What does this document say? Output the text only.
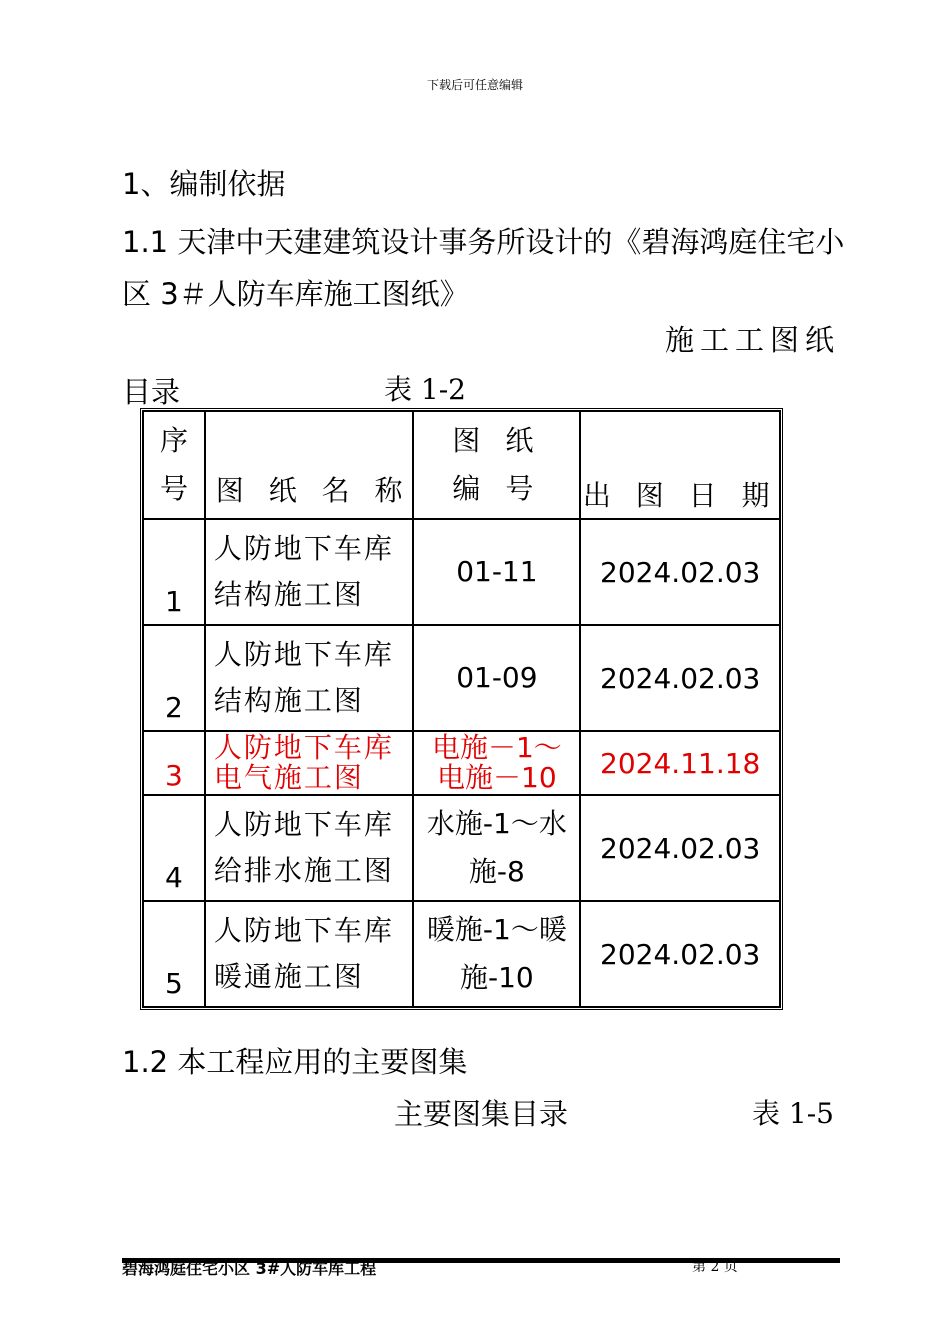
下载后可任意编辑
1、编制依据
1.1 天津中天建建筑设计事务所设计的《碧海鸿庭住宅小区 3＃人防车库施工图纸》
施工工图纸
目录	表 1-2
序号	图 纸 名 称	图 纸 编 号	出 图 日 期
1	人防地下车库结构施工图	01-11	2024.02.03
2	人防地下车库结构施工图	01-09	2024.02.03
3	人防地下车库电气施工图	电施－1～电施－10	2024.11.18
4	人防地下车库给排水施工图	水施-1～水施-8	2024.02.03
5	人防地下车库暖通施工图	暖施-1～暖施-10	2024.02.03
1.2 本工程应用的主要图集
主要图集目录	表 1-5
碧海鸿庭住宅小区 3#人防车库工程	第 2 页
